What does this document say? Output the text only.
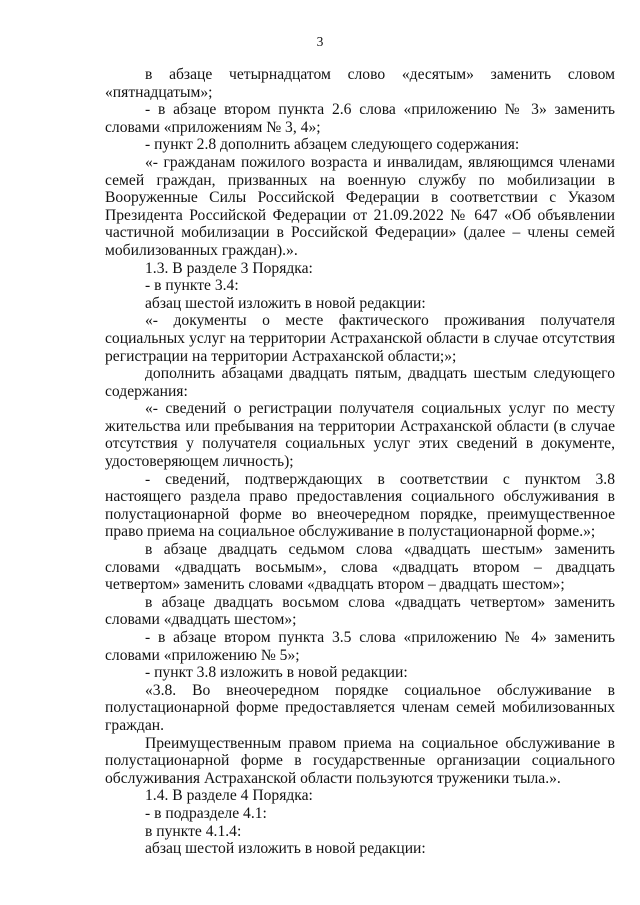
3

в абзаце четырнадцатом слово «десятым» заменить словом «пятнадцатым»;

- в абзаце втором пункта 2.6 слова «приложению № 3» заменить словами «приложениям № 3, 4»;

- пункт 2.8 дополнить абзацем следующего содержания:

«- гражданам пожилого возраста и инвалидам, являющимся членами семей граждан, призванных на военную службу по мобилизации в Вооруженные Силы Российской Федерации в соответствии с Указом Президента Российской Федерации от 21.09.2022 № 647 «Об объявлении частичной мобилизации в Российской Федерации» (далее – члены семей мобилизованных граждан).».

1.3. В разделе 3 Порядка:

- в пункте 3.4:

абзац шестой изложить в новой редакции:

«- документы о месте фактического проживания получателя социальных услуг на территории Астраханской области в случае отсутствия регистрации на территории Астраханской области;»;

дополнить абзацами двадцать пятым, двадцать шестым следующего содержания:

«- сведений о регистрации получателя социальных услуг по месту жительства или пребывания на территории Астраханской области (в случае отсутствия у получателя социальных услуг этих сведений в документе, удостоверяющем личность);

- сведений, подтверждающих в соответствии с пунктом 3.8 настоящего раздела право предоставления социального обслуживания в полустационарной форме во внеочередном порядке, преимущественное право приема на социальное обслуживание в полустационарной форме.»;

в абзаце двадцать седьмом слова «двадцать шестым» заменить словами «двадцать восьмым», слова «двадцать втором – двадцать четвертом» заменить словами «двадцать втором – двадцать шестом»;

в абзаце двадцать восьмом слова «двадцать четвертом» заменить словами «двадцать шестом»;

- в абзаце втором пункта 3.5 слова «приложению № 4» заменить словами «приложению № 5»;

- пункт 3.8 изложить в новой редакции:

«3.8. Во внеочередном порядке социальное обслуживание в полустационарной форме предоставляется членам семей мобилизованных граждан.

Преимущественным правом приема на социальное обслуживание в полустационарной форме в государственные организации социального обслуживания Астраханской области пользуются труженики тыла.».

1.4. В разделе 4 Порядка:

- в подразделе 4.1:

в пункте 4.1.4:

абзац шестой изложить в новой редакции:
